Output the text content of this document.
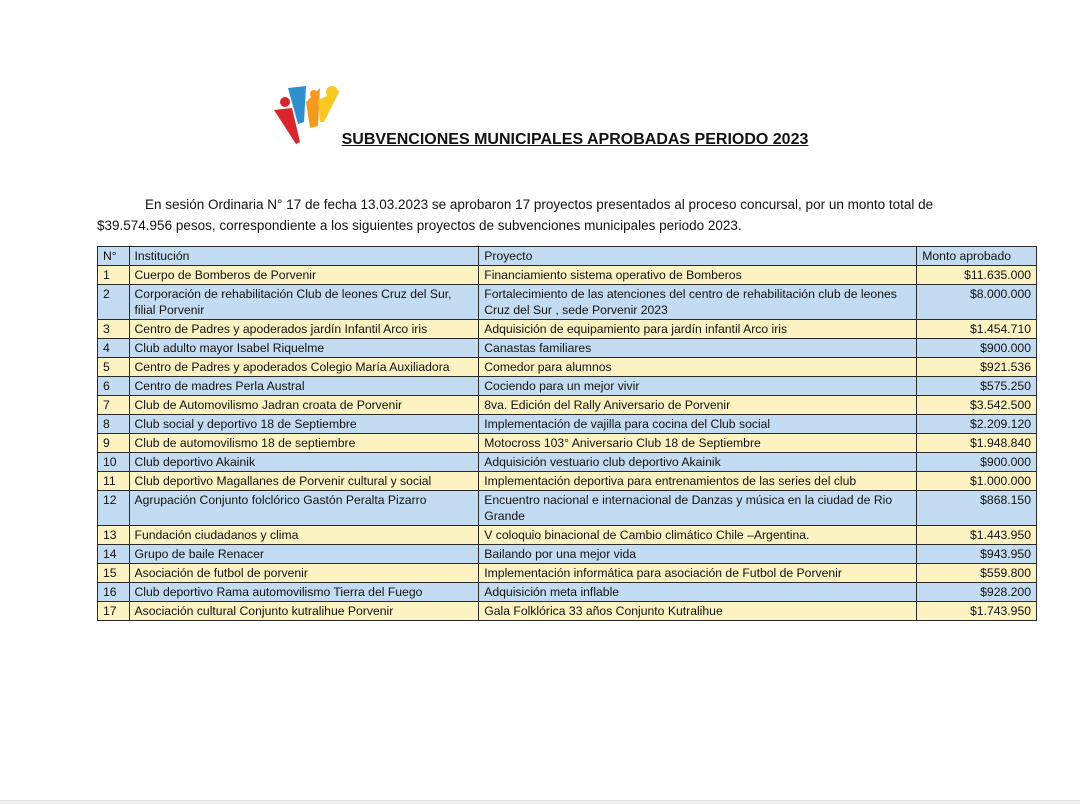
SUBVENCIONES MUNICIPALES APROBADAS PERIODO 2023
En sesión Ordinaria N° 17 de fecha 13.03.2023 se aprobaron 17 proyectos presentados al proceso concursal, por un monto total de $39.574.956 pesos, correspondiente a los siguientes proyectos de subvenciones municipales periodo 2023.
N°	Institución	Proyecto	Monto aprobado
1	Cuerpo de Bomberos de Porvenir	Financiamiento sistema operativo de Bomberos	$11.635.000
2	Corporación de rehabilitación Club de leones Cruz del Sur, filial Porvenir	Fortalecimiento de las atenciones del centro de rehabilitación club de leones Cruz del Sur , sede Porvenir 2023	$8.000.000
3	Centro de Padres y apoderados jardín Infantil Arco iris	Adquisición de equipamiento para jardín infantil Arco iris	$1.454.710
4	Club adulto mayor Isabel Riquelme	Canastas familiares	$900.000
5	Centro de Padres y apoderados Colegio María Auxiliadora	Comedor para alumnos	$921.536
6	Centro de madres Perla Austral	Cociendo para un mejor vivir	$575.250
7	Club de Automovilismo Jadran croata de Porvenir	8va. Edición del Rally Aniversario de Porvenir	$3.542.500
8	Club social y deportivo 18 de Septiembre	Implementación de vajilla para cocina del Club social	$2.209.120
9	Club de automovilismo 18 de septiembre	Motocross 103° Aniversario Club 18 de Septiembre	$1.948.840
10	Club deportivo Akainik	Adquisición vestuario club deportivo Akainik	$900.000
11	Club deportivo Magallanes de Porvenir cultural y social	Implementación deportiva para entrenamientos de las series del club	$1.000.000
12	Agrupación Conjunto folclórico Gastón Peralta Pizarro	Encuentro nacional e internacional de Danzas y música en la ciudad de Rio Grande	$868.150
13	Fundación ciudadanos y clima	V coloquio binacional de Cambio climático Chile –Argentina.	$1.443.950
14	Grupo de baile Renacer	Bailando por una mejor vida	$943.950
15	Asociación de futbol de porvenir	Implementación informática para asociación de Futbol de Porvenir	$559.800
16	Club deportivo Rama automovilismo Tierra del Fuego	Adquisición meta inflable	$928.200
17	Asociación cultural Conjunto kutralihue Porvenir	Gala Folklórica 33 años Conjunto Kutralihue	$1.743.950
